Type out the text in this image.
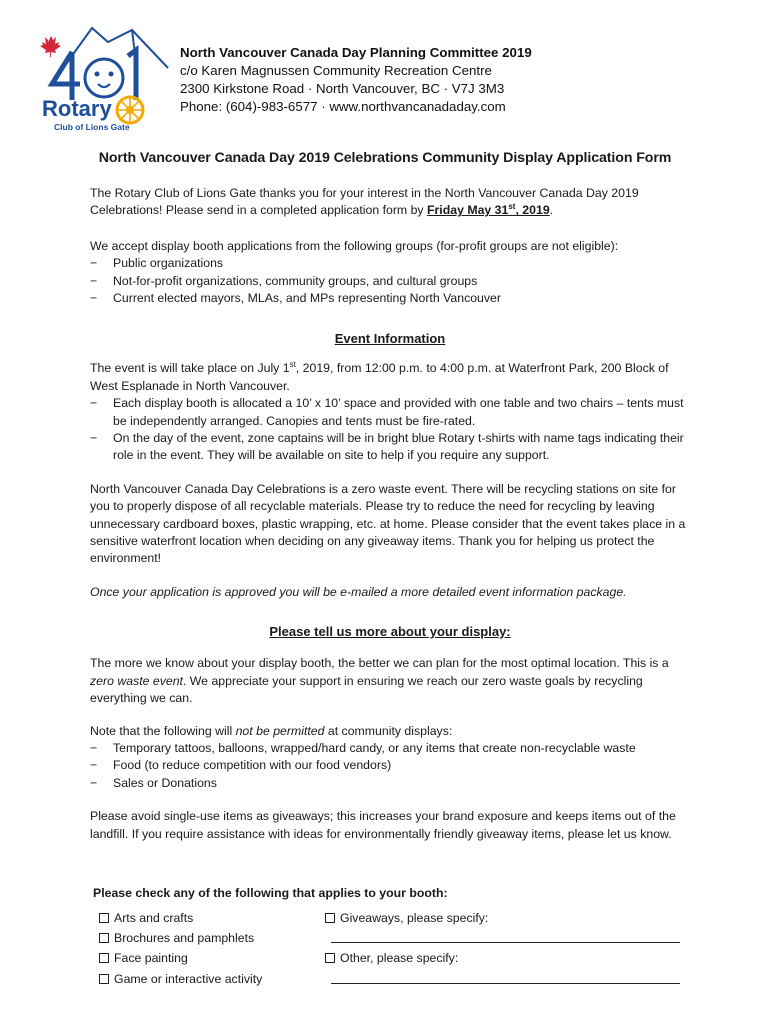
Rotary
Club of Lions Gate
North Vancouver Canada Day Planning Committee 2019
c/o Karen Magnussen Community Recreation Centre
2300 Kirkstone Road · North Vancouver, BC · V7J 3M3
Phone: (604)-983-6577 · www.northvancanadaday.com
North Vancouver Canada Day 2019 Celebrations Community Display Application Form

The Rotary Club of Lions Gate thanks you for your interest in the North Vancouver Canada Day 2019 Celebrations! Please send in a completed application form by Friday May 31st, 2019.

We accept display booth applications from the following groups (for-profit groups are not eligible):

− Public organizations

− Not-for-profit organizations, community groups, and cultural groups

− Current elected mayors, MLAs, and MPs representing North Vancouver

Event Information

The event is will take place on July 1st, 2019, from 12:00 p.m. to 4:00 p.m. at Waterfront Park, 200 Block of West Esplanade in North Vancouver.

− Each display booth is allocated a 10’ x 10’ space and provided with one table and two chairs – tents must be independently arranged. Canopies and tents must be fire-rated.

− On the day of the event, zone captains will be in bright blue Rotary t-shirts with name tags indicating their role in the event. They will be available on site to help if you require any support.

North Vancouver Canada Day Celebrations is a zero waste event. There will be recycling stations on site for you to properly dispose of all recyclable materials. Please try to reduce the need for recycling by leaving unnecessary cardboard boxes, plastic wrapping, etc. at home. Please consider that the event takes place in a sensitive waterfront location when deciding on any giveaway items. Thank you for helping us protect the environment!

Once your application is approved you will be e-mailed a more detailed event information package.

Please tell us more about your display:

The more we know about your display booth, the better we can plan for the most optimal location. This is a zero waste event. We appreciate your support in ensuring we reach our zero waste goals by recycling everything we can.

Note that the following will not be permitted at community displays:

− Temporary tattoos, balloons, wrapped/hard candy, or any items that create non-recyclable waste

− Food (to reduce competition with our food vendors)

− Sales or Donations

Please avoid single-use items as giveaways; this increases your brand exposure and keeps items out of the landfill. If you require assistance with ideas for environmentally friendly giveaway items, please let us know.

Please check any of the following that applies to your booth:

Arts and crafts
Brochures and pamphlets
Face painting
Game or interactive activity
Giveaways, please specify:
Other, please specify:
